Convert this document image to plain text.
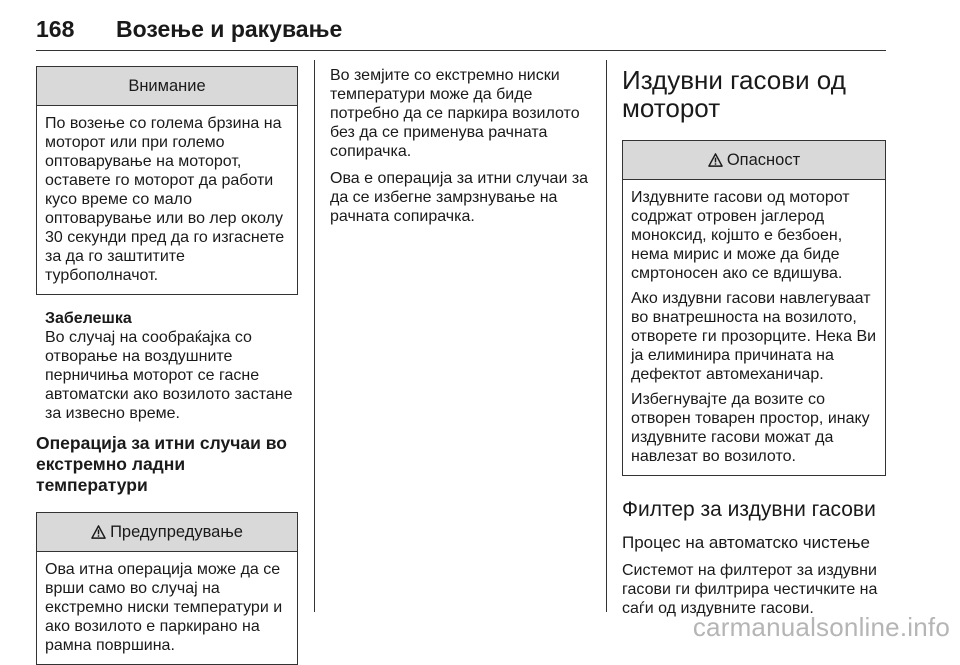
168 Возење и ракување
Внимание

По возење со голема брзина на моторот или при големо оптоварување на моторот, оставете го моторот да работи кусо време со мало оптоварување или во лер околу 30 секунди пред да го изгаснете за да го заштитите турбополначот.

Забелешка

Во случај на сообраќајка со отворање на воздушните перничиња моторот се гасне автоматски ако возилото застане за извесно време.

Операција за итни случаи во екстремно ладни температури
Предупредување

Ова итна операција може да се врши само во случај на екстремно ниски температури и ако возилото е паркирано на рамна површина.

Во земјите со екстремно ниски температури може да биде потребно да се паркира возилото без да се применува рачната сопирачка.

Ова е операција за итни случаи за да се избегне замрзнување на рачната сопирачка.

Издувни гасови од моторот
Опасност

Издувните гасови од моторот содржат отровен јаглерод моноксид, којшто е безбоен, нема мирис и може да биде смртоносен ако се вдишува.

Ако издувни гасови навлегуваат во внатрешноста на возилото, отворете ги прозорците. Нека Ви ја елиминира причината на дефектот автомеханичар.

Избегнувајте да возите со отворен товарен простор, инаку издувните гасови можат да навлезат во возилото.

Филтер за издувни гасови
Процес на автоматско чистење

Системот на филтерот за издувни гасови ги филтрира честичките на саѓи од издувните гасови.

carmanualsonline.info
